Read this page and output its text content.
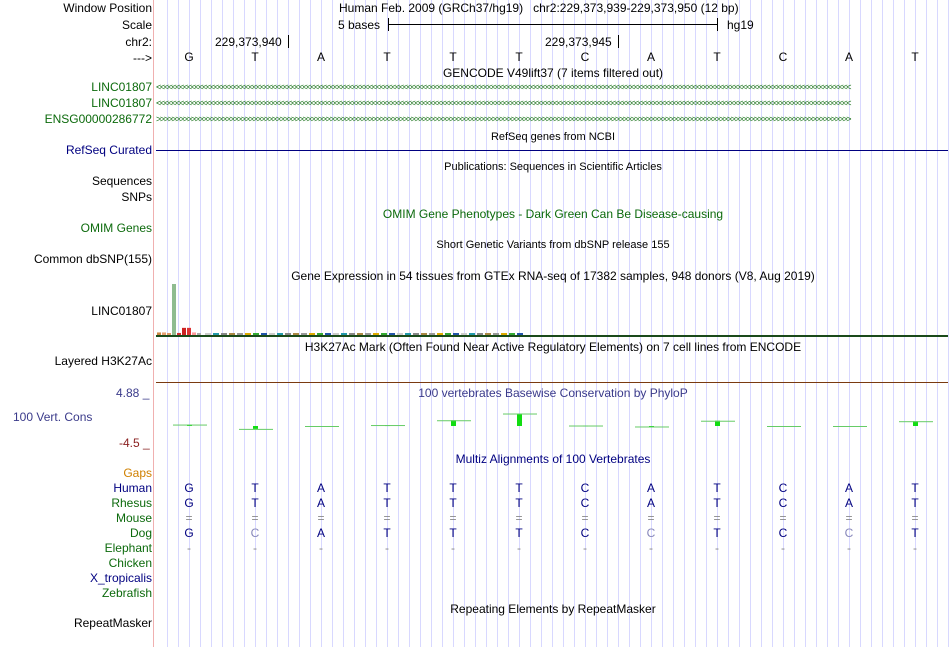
Window Position
Scale
chr2:
--->
Human Feb. 2009 (GRCh37/hg19)   chr2:229,373,939-229,373,950 (12 bp)
5 bases	hg19
229,373,940	229,373,945
G	T	A	T	T	T	C	A	T	C	A	T
GENCODE V49lift37 (7 items filtered out)
LINC01807 <<<<<<<<<<<<<<<<<<<<<<<<<<<<<<<<<<<<<<<<<<<<<<<<<<<<<<<<<<<<<<<<<<<<<<<<<<<<<<<<<<<<<<<<<<<<<<<<<<<<<<<<<<<<<<<<<<<<<<<<<<<<<<<<<<<<<<<<<<<<<<<<<<<<<<<<<<<<<<<<<<<<<<<<<<<<<<<<<<<<
LINC01807 <<<<<<<<<<<<<<<<<<<<<<<<<<<<<<<<<<<<<<<<<<<<<<<<<<<<<<<<<<<<<<<<<<<<<<<<<<<<<<<<<<<<<<<<<<<<<<<<<<<<<<<<<<<<<<<<<<<<<<<<<<<<<<<<<<<<<<<<<<<<<<<<<<<<<<<<<<<<<<<<<<<<<<<<<<<<<<<<<<<<
ENSG00000286772 >>>>>>>>>>>>>>>>>>>>>>>>>>>>>>>>>>>>>>>>>>>>>>>>>>>>>>>>>>>>>>>>>>>>>>>>>>>>>>>>>>>>>>>>>>>>>>>>>>>>>>>>>>>>>>>>>>>>>>>>>>>>>>>>>>>>>>>>>>>>>>>>>>>>>>>>>>>>>>>>>>>>>>>>>>>>>>>>>>>>
RefSeq genes from NCBI
RefSeq Curated
Publications: Sequences in Scientific Articles
Sequences
SNPs
OMIM Gene Phenotypes - Dark Green Can Be Disease-causing
OMIM Genes
Short Genetic Variants from dbSNP release 155
Common dbSNP(155)
Gene Expression in 54 tissues from GTEx RNA-seq of 17382 samples, 948 donors (V8, Aug 2019)
LINC01807
H3K27Ac Mark (Often Found Near Active Regulatory Elements) on 7 cell lines from ENCODE
Layered H3K27Ac
100 vertebrates Basewise Conservation by PhyloP
4.88 _
100 Vert. Cons
-4.5 _
Multiz Alignments of 100 Vertebrates
Gaps
Human	G	T	A	T	T	T	C	A	T	C	A	T
Rhesus	G	T	A	T	T	T	C	A	T	C	A	T
Mouse	=	=	=	=	=	=	=	=	=	=	=	=
Dog	G	C	A	T	T	T	C	C	T	C	C	T
Elephant	-	-	-	-	-	-	-	-	-	-	-	-
Chicken
X_tropicalis
Zebrafish
Repeating Elements by RepeatMasker
RepeatMasker
